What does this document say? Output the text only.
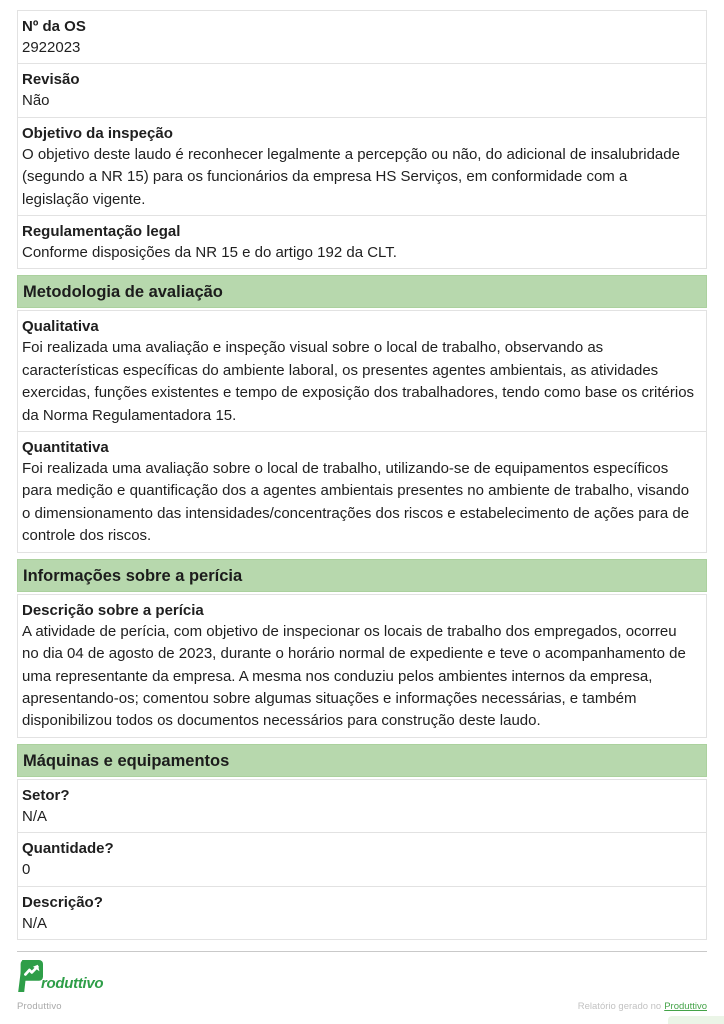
Nº da OS
2922023
Revisão
Não
Objetivo da inspeção
O objetivo deste laudo é reconhecer legalmente a percepção ou não, do adicional de insalubridade (segundo a NR 15) para os funcionários da empresa HS Serviços, em conformidade com a legislação vigente.
Regulamentação legal
Conforme disposições da NR 15 e do artigo 192 da CLT.
Metodologia de avaliação
Qualitativa
Foi realizada uma avaliação e inspeção visual sobre o local de trabalho, observando as características específicas do ambiente laboral, os presentes agentes ambientais, as atividades exercidas, funções existentes e tempo de exposição dos trabalhadores, tendo como base os critérios da Norma Regulamentadora 15.
Quantitativa
Foi realizada uma avaliação sobre o local de trabalho, utilizando-se de equipamentos específicos para medição e quantificação dos a agentes ambientais presentes no ambiente de trabalho, visando o dimensionamento das intensidades/concentrações dos riscos e estabelecimento de ações para de controle dos riscos.
Informações sobre a perícia
Descrição sobre a perícia
A atividade de perícia, com objetivo de inspecionar os locais de trabalho dos empregados, ocorreu no dia 04 de agosto de 2023, durante o horário normal de expediente e teve o acompanhamento de uma representante da empresa. A mesma nos conduziu pelos ambientes internos da empresa, apresentando-os; comentou sobre algumas situações e informações necessárias, e também disponibilizou todos os documentos necessários para construção deste laudo.
Máquinas e equipamentos
Setor?
N/A
Quantidade?
0
Descrição?
N/A
roduttivo
Produttivo	Relatório gerado no Produttivo
